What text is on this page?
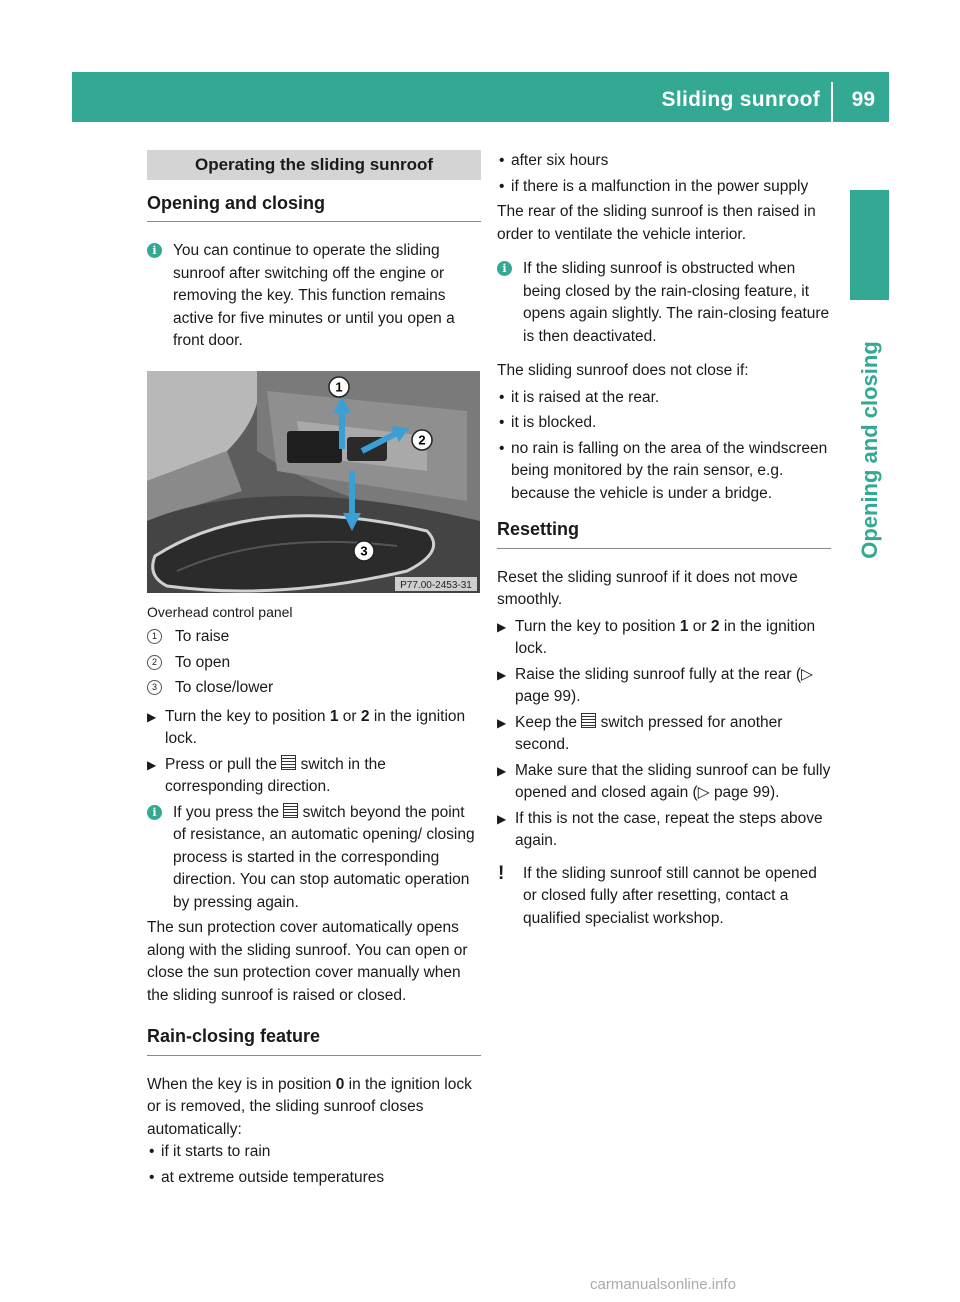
Sliding sunroof 99
Opening and closing
Operating the sliding sunroof
Opening and closing
i	You can continue to operate the sliding sunroof after switching off the engine or removing the key. This function remains active for five minutes or until you open a front door.

1
2
3
P77.00-2453-31
Overhead control panel
1	To raise
2	To open
3	To close/lower
▶ Turn the key to position 1 or 2 in the ignition lock.
▶ Press or pull the  switch in the corresponding direction.
i	If you press the  switch beyond the point of resistance, an automatic opening/ closing process is started in the corresponding direction. You can stop automatic operation by pressing again.

The sun protection cover automatically opens along with the sliding sunroof. You can open or close the sun protection cover manually when the sliding sunroof is raised or closed.

Rain-closing feature

When the key is in position 0 in the ignition lock or is removed, the sliding sunroof closes automatically:

• if it starts to rain
• at extreme outside temperatures
• after six hours
• if there is a malfunction in the power supply

The rear of the sliding sunroof is then raised in order to ventilate the vehicle interior.

i	If the sliding sunroof is obstructed when being closed by the rain-closing feature, it opens again slightly. The rain-closing feature is then deactivated.

The sliding sunroof does not close if:

• it is raised at the rear.
• it is blocked.
• no rain is falling on the area of the windscreen being monitored by the rain sensor, e.g. because the vehicle is under a bridge.
Resetting

Reset the sliding sunroof if it does not move smoothly.

▶ Turn the key to position 1 or 2 in the ignition lock.
▶ Raise the sliding sunroof fully at the rear (▷ page 99).
▶ Keep the  switch pressed for another second.
▶ Make sure that the sliding sunroof can be fully opened and closed again (▷ page 99).
▶ If this is not the case, repeat the steps above again.
! If the sliding sunroof still cannot be opened or closed fully after resetting, contact a qualified specialist workshop.

carmanualsonline.info
